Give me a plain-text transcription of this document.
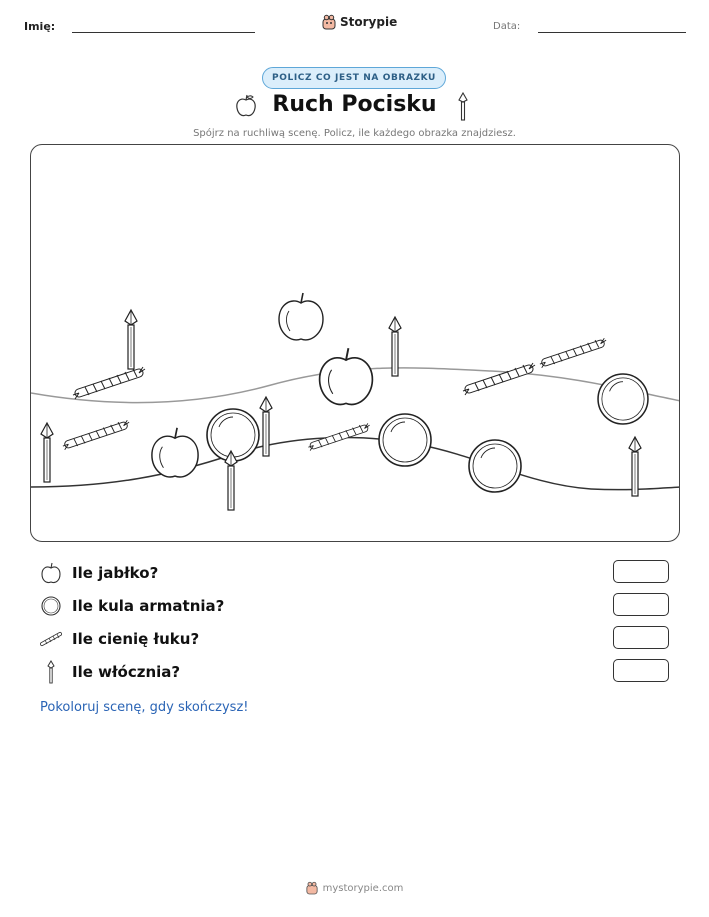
Imię:	Storypie	Data:
POLICZ CO JEST NA OBRAZKU
Ruch Pocisku
Spójrz na ruchliwą scenę. Policz, ile każdego obrazka znajdziesz.
Ile jabłko?
Ile kula armatnia?
Ile cienię łuku?
Ile włócznia?
Pokoloruj scenę, gdy skończysz!
mystorypie.com
